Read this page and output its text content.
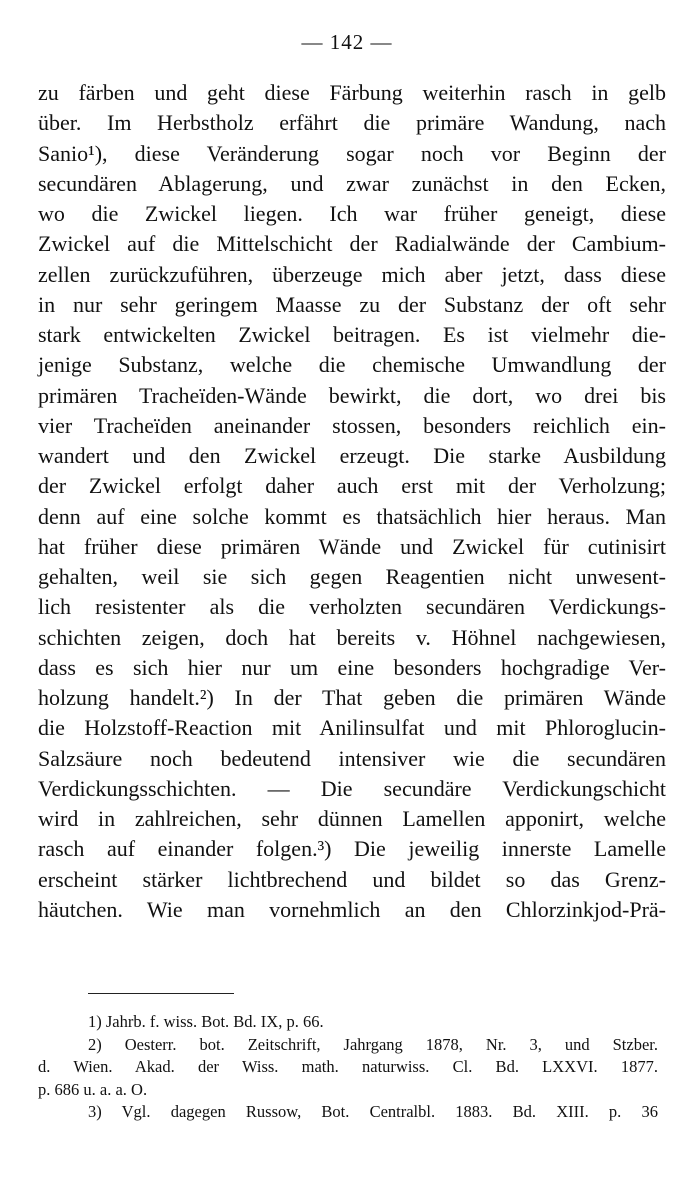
— 142 —
zu färben und geht diese Färbung weiterhin rasch in gelb
über. Im Herbstholz erfährt die primäre Wandung, nach
Sanio¹), diese Veränderung sogar noch vor Beginn der
secundären Ablagerung, und zwar zunächst in den Ecken,
wo die Zwickel liegen. Ich war früher geneigt, diese
Zwickel auf die Mittelschicht der Radialwände der Cambium-
zellen zurückzuführen, überzeuge mich aber jetzt, dass diese
in nur sehr geringem Maasse zu der Substanz der oft sehr
stark entwickelten Zwickel beitragen. Es ist vielmehr die-
jenige Substanz, welche die chemische Umwandlung der
primären Tracheïden-Wände bewirkt, die dort, wo drei bis
vier Tracheïden aneinander stossen, besonders reichlich ein-
wandert und den Zwickel erzeugt. Die starke Ausbildung
der Zwickel erfolgt daher auch erst mit der Verholzung;
denn auf eine solche kommt es thatsächlich hier heraus. Man
hat früher diese primären Wände und Zwickel für cutinisirt
gehalten, weil sie sich gegen Reagentien nicht unwesent-
lich resistenter als die verholzten secundären Verdickungs-
schichten zeigen, doch hat bereits v. Höhnel nachgewiesen,
dass es sich hier nur um eine besonders hochgradige Ver-
holzung handelt.²) In der That geben die primären Wände
die Holzstoff-Reaction mit Anilinsulfat und mit Phloroglucin-
Salzsäure noch bedeutend intensiver wie die secundären
Verdickungsschichten. — Die secundäre Verdickungschicht
wird in zahlreichen, sehr dünnen Lamellen apponirt, welche
rasch auf einander folgen.³) Die jeweilig innerste Lamelle
erscheint stärker lichtbrechend und bildet so das Grenz-
häutchen. Wie man vornehmlich an den Chlorzinkjod-Prä-
1) Jahrb. f. wiss. Bot. Bd. IX, p. 66.
2) Oesterr. bot. Zeitschrift, Jahrgang 1878, Nr. 3, und Stzber.
d. Wien. Akad. der Wiss. math. naturwiss. Cl. Bd. LXXVI. 1877.
p. 686 u. a. a. O.
3) Vgl. dagegen Russow, Bot. Centralbl. 1883. Bd. XIII. p. 36
